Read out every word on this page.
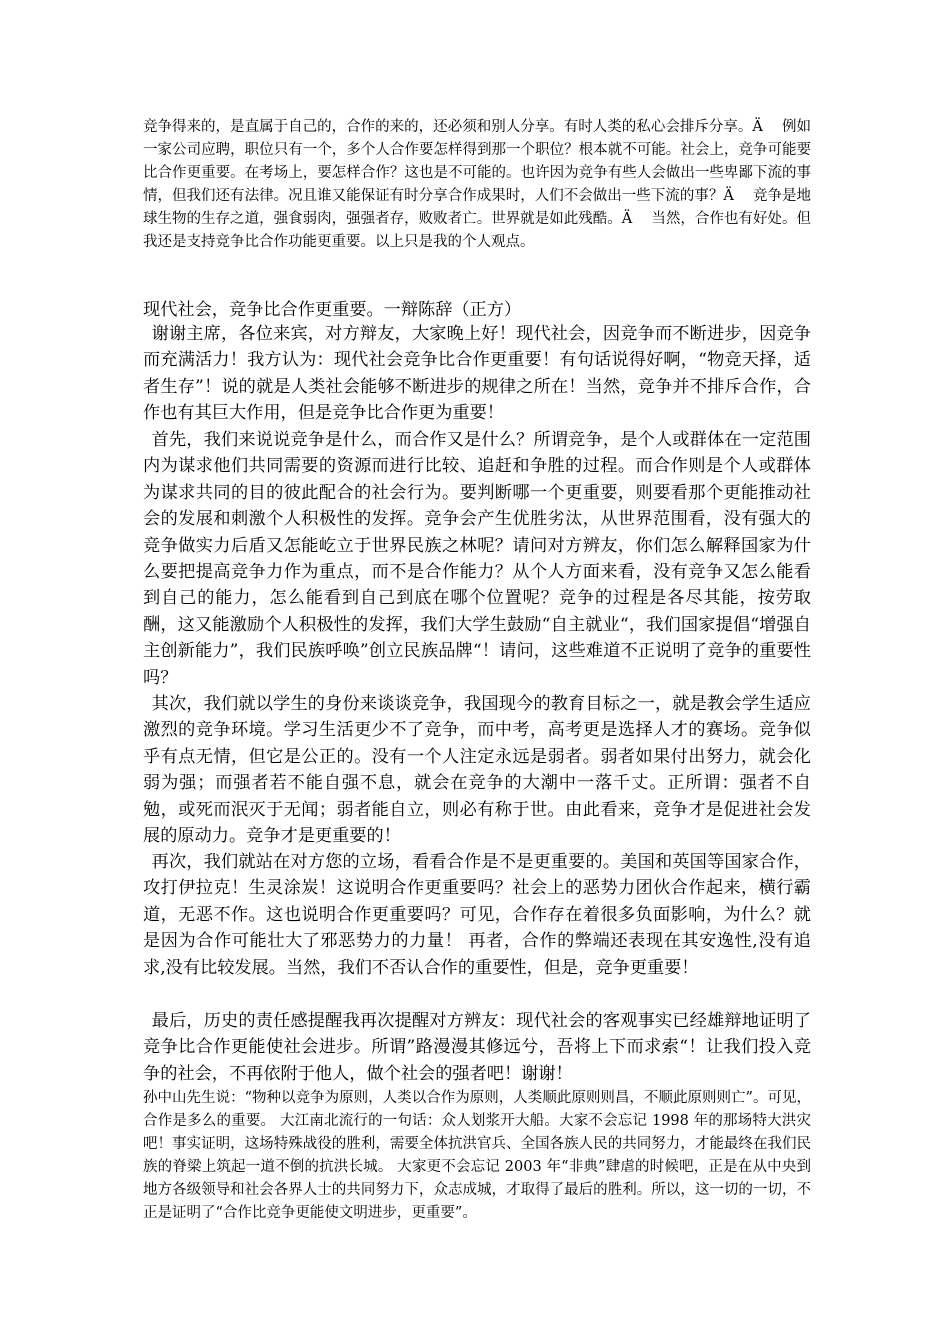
竞争得来的，是直属于自己的，合作的来的，还必须和别人分享。有时人类的私心会排斥分享。Ä　 例如一家公司应聘，职位只有一个，多个人合作要怎样得到那一个职位？根本就不可能。社会上，竞争可能要比合作更重要。在考场上，要怎样合作？这也是不可能的。也许因为竞争有些人会做出一些卑鄙下流的事情，但我们还有法律。况且谁又能保证有时分享合作成果时，人们不会做出一些下流的事？Ä　 竞争是地球生物的生存之道，强食弱肉，强强者存，败败者亡。世界就是如此残酷。Ä　 当然，合作也有好处。但我还是支持竞争比合作功能更重要。以上只是我的个人观点。

现代社会，竞争比合作更重要。一辩陈辞（正方）

谢谢主席，各位来宾，对方辩友，大家晚上好！现代社会，因竞争而不断进步，因竞争而充满活力！我方认为：现代社会竞争比合作更重要！有句话说得好啊，“物竞天择，适者生存”！说的就是人类社会能够不断进步的规律之所在！当然，竞争并不排斥合作，合作也有其巨大作用，但是竞争比合作更为重要！

首先，我们来说说竞争是什么，而合作又是什么？所谓竞争，是个人或群体在一定范围内为谋求他们共同需要的资源而进行比较、追赶和争胜的过程。而合作则是个人或群体为谋求共同的目的彼此配合的社会行为。要判断哪一个更重要，则要看那个更能推动社会的发展和刺激个人积极性的发挥。竞争会产生优胜劣汰，从世界范围看，没有强大的竞争做实力后盾又怎能屹立于世界民族之林呢？请问对方辨友，你们怎么解释国家为什么要把提高竞争力作为重点，而不是合作能力？从个人方面来看，没有竞争又怎么能看到自己的能力，怎么能看到自己到底在哪个位置呢？竞争的过程是各尽其能，按劳取酬，这又能激励个人积极性的发挥，我们大学生鼓励“自主就业“，我们国家提倡“增强自主创新能力”，我们民族呼唤”创立民族品牌“！请问，这些难道不正说明了竞争的重要性吗？

其次，我们就以学生的身份来谈谈竞争，我国现今的教育目标之一，就是教会学生适应激烈的竞争环境。学习生活更少不了竞争，而中考，高考更是选择人才的赛场。竞争似乎有点无情，但它是公正的。没有一个人注定永远是弱者。弱者如果付出努力，就会化弱为强；而强者若不能自强不息，就会在竞争的大潮中一落千丈。正所谓：强者不自勉，或死而泯灭于无闻；弱者能自立，则必有称于世。由此看来，竞争才是促进社会发展的原动力。竞争才是更重要的！

再次，我们就站在对方您的立场，看看合作是不是更重要的。美国和英国等国家合作，攻打伊拉克！生灵涂炭！这说明合作更重要吗？社会上的恶势力团伙合作起来，横行霸道，无恶不作。这也说明合作更重要吗？可见，合作存在着很多负面影响，为什么？就是因为合作可能壮大了邪恶势力的力量！ 再者，合作的弊端还表现在其安逸性,没有追求,没有比较发展。当然，我们不否认合作的重要性，但是，竞争更重要！

最后，历史的责任感提醒我再次提醒对方辨友：现代社会的客观事实已经雄辩地证明了竞争比合作更能使社会进步。所谓”路漫漫其修远兮，吾将上下而求索“！让我们投入竞争的社会，不再依附于他人，做个社会的强者吧！谢谢！

孙中山先生说：“物种以竞争为原则，人类以合作为原则，人类顺此原则则昌，不顺此原则则亡”。可见，合作是多么的重要。 大江南北流行的一句话：众人划浆开大船。大家不会忘记 1998 年的那场特大洪灾吧！事实证明，这场特殊战役的胜利，需要全体抗洪官兵、全国各族人民的共同努力，才能最终在我们民族的脊梁上筑起一道不倒的抗洪长城。 大家更不会忘记 2003 年“非典”肆虐的时候吧，正是在从中央到地方各级领导和社会各界人士的共同努力下，众志成城，才取得了最后的胜利。所以，这一切的一切，不正是证明了“合作比竞争更能使文明进步，更重要”。
